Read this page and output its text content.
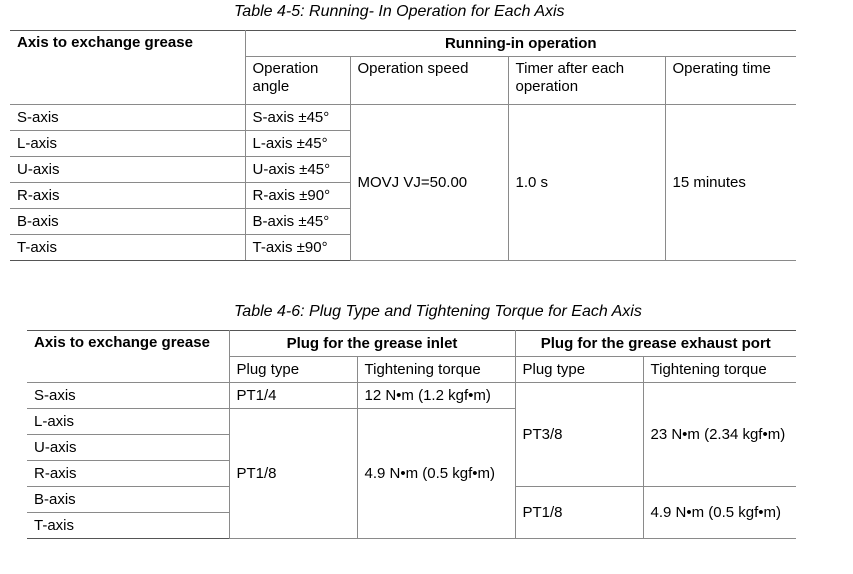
Table 4-5: Running- In Operation for Each Axis
Axis to exchange grease	Running-in operation			
	Operation angle	Operation speed	Timer after each operation	Operating time
S-axis	S-axis ±45°	MOVJ VJ=50.00	1.0 s	15 minutes
L-axis	L-axis ±45°			
U-axis	U-axis ±45°			
R-axis	R-axis ±90°			
B-axis	B-axis ±45°			
T-axis	T-axis ±90°			
Table 4-6: Plug Type and Tightening Torque for Each Axis
Axis to exchange grease	Plug for the grease inlet		Plug for the grease exhaust port	
	Plug type	Tightening torque	Plug type	Tightening torque
S-axis	PT1/4	12 N•m (1.2 kgf•m)	PT3/8	23 N•m (2.34 kgf•m)
L-axis	PT1/8	4.9 N•m (0.5 kgf•m)		
U-axis				
R-axis				
B-axis			PT1/8	4.9 N•m (0.5 kgf•m)
T-axis				
